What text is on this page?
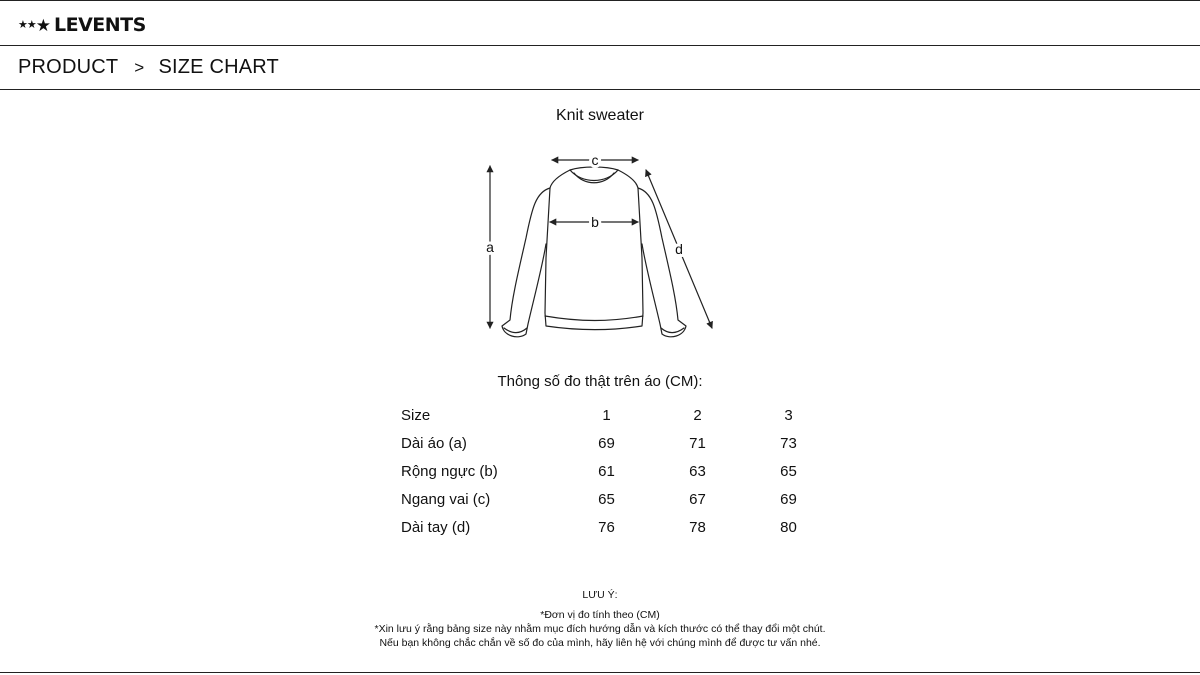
★ ★ ★ LEVENTS
PRODUCT > SIZE CHART
Knit sweater
a
c
b
d
Thông số đo thật trên áo (CM):
Size	1	2	3
Dài áo (a)	69	71	73
Rộng ngực (b)	61	63	65
Ngang vai (c)	65	67	69
Dài tay (d)	76	78	80
LƯU Ý:
*Đơn vị đo tính theo (CM)
*Xin lưu ý rằng bảng size này nhằm mục đích hướng dẫn và kích thước có thể thay đổi một chút.
Nếu bạn không chắc chắn về số đo của mình, hãy liên hệ với chúng mình để được tư vấn nhé.
